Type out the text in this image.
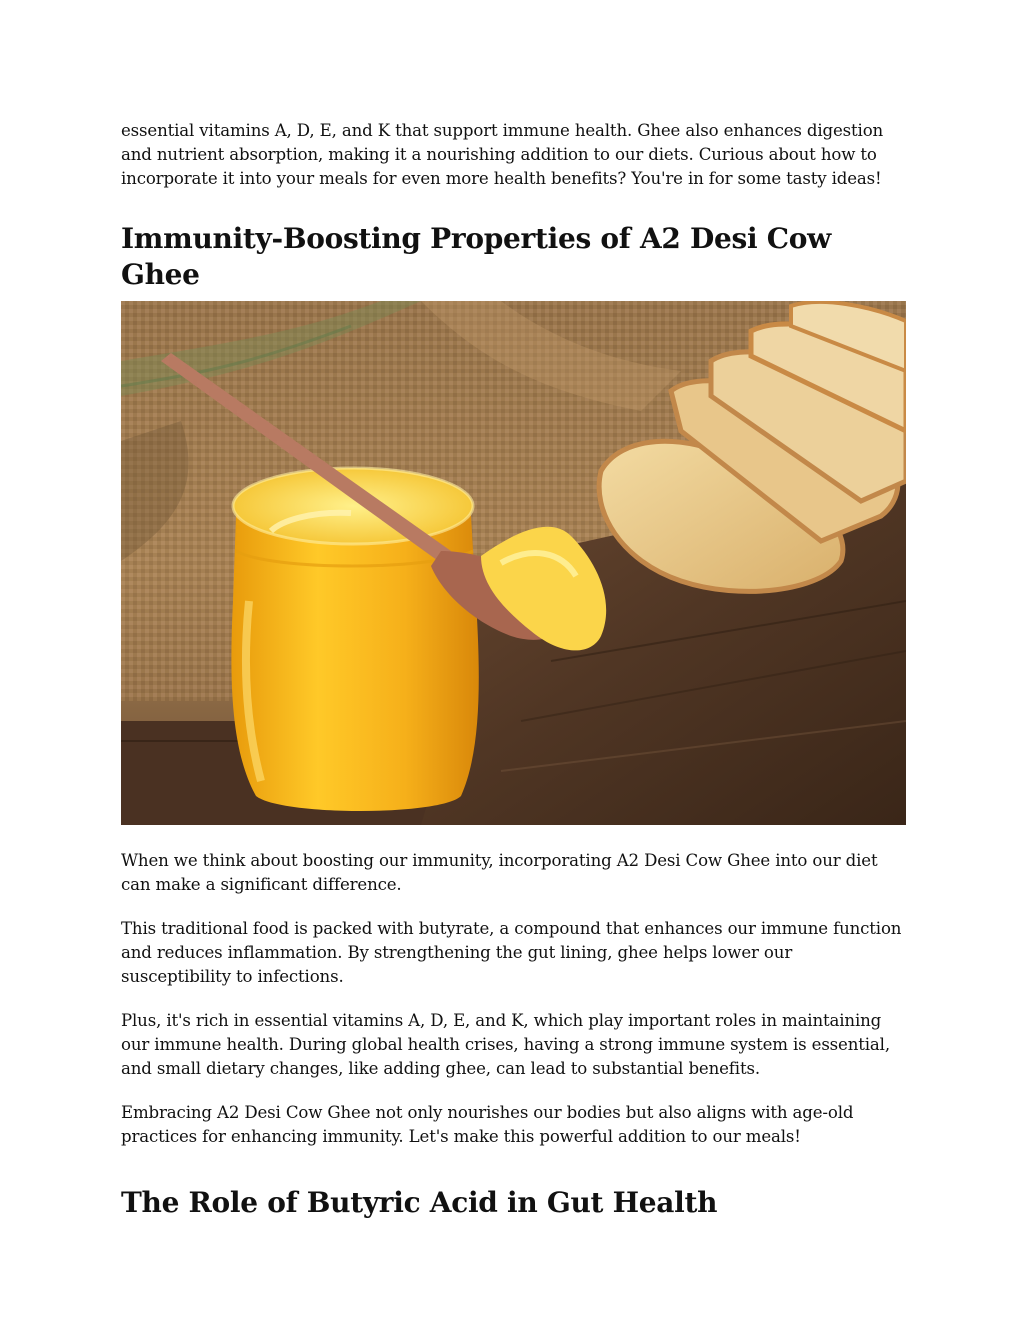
essential vitamins A, D, E, and K that support immune health. Ghee also enhances digestion and nutrient absorption, making it a nourishing addition to our diets. Curious about how to incorporate it into your meals for even more health benefits? You're in for some tasty ideas!

Immunity-Boosting Properties of A2 Desi Cow Ghee

When we think about boosting our immunity, incorporating A2 Desi Cow Ghee into our diet can make a significant difference.

This traditional food is packed with butyrate, a compound that enhances our immune function and reduces inflammation. By strengthening the gut lining, ghee helps lower our susceptibility to infections.

Plus, it's rich in essential vitamins A, D, E, and K, which play important roles in maintaining our immune health. During global health crises, having a strong immune system is essential, and small dietary changes, like adding ghee, can lead to substantial benefits.

Embracing A2 Desi Cow Ghee not only nourishes our bodies but also aligns with age-old practices for enhancing immunity. Let's make this powerful addition to our meals!

The Role of Butyric Acid in Gut Health
